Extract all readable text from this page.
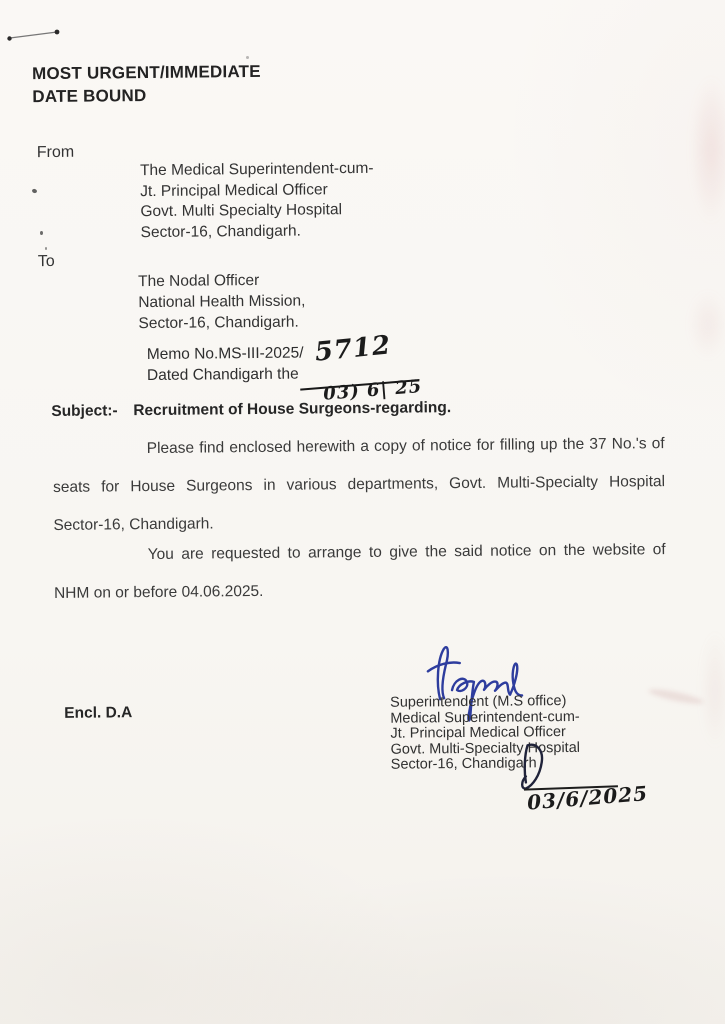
MOST URGENT/IMMEDIATE
DATE BOUND
From
The Medical Superintendent-cum-
Jt. Principal Medical Officer
Govt. Multi Specialty Hospital
Sector-16, Chandigarh.
To
The Nodal Officer
National Health Mission,
Sector-16, Chandigarh.
Memo No.MS-III-2025/ 5712
Dated Chandigarh the
03) 6| 25
Subject:- Recruitment of House Surgeons-regarding.
Please find enclosed herewith a copy of notice for filling up the 37 No.'s of
seats for House Surgeons in various departments, Govt. Multi-Specialty Hospital
Sector-16, Chandigarh.
You are requested to arrange to give the said notice on the website of
NHM on or before 04.06.2025.
Encl. D.A
Superintendent (M.S office)
Medical Superintendent-cum-
Jt. Principal Medical Officer
Govt. Multi-Specialty Hospital
Sector-16, Chandigarh
03/6/2025
